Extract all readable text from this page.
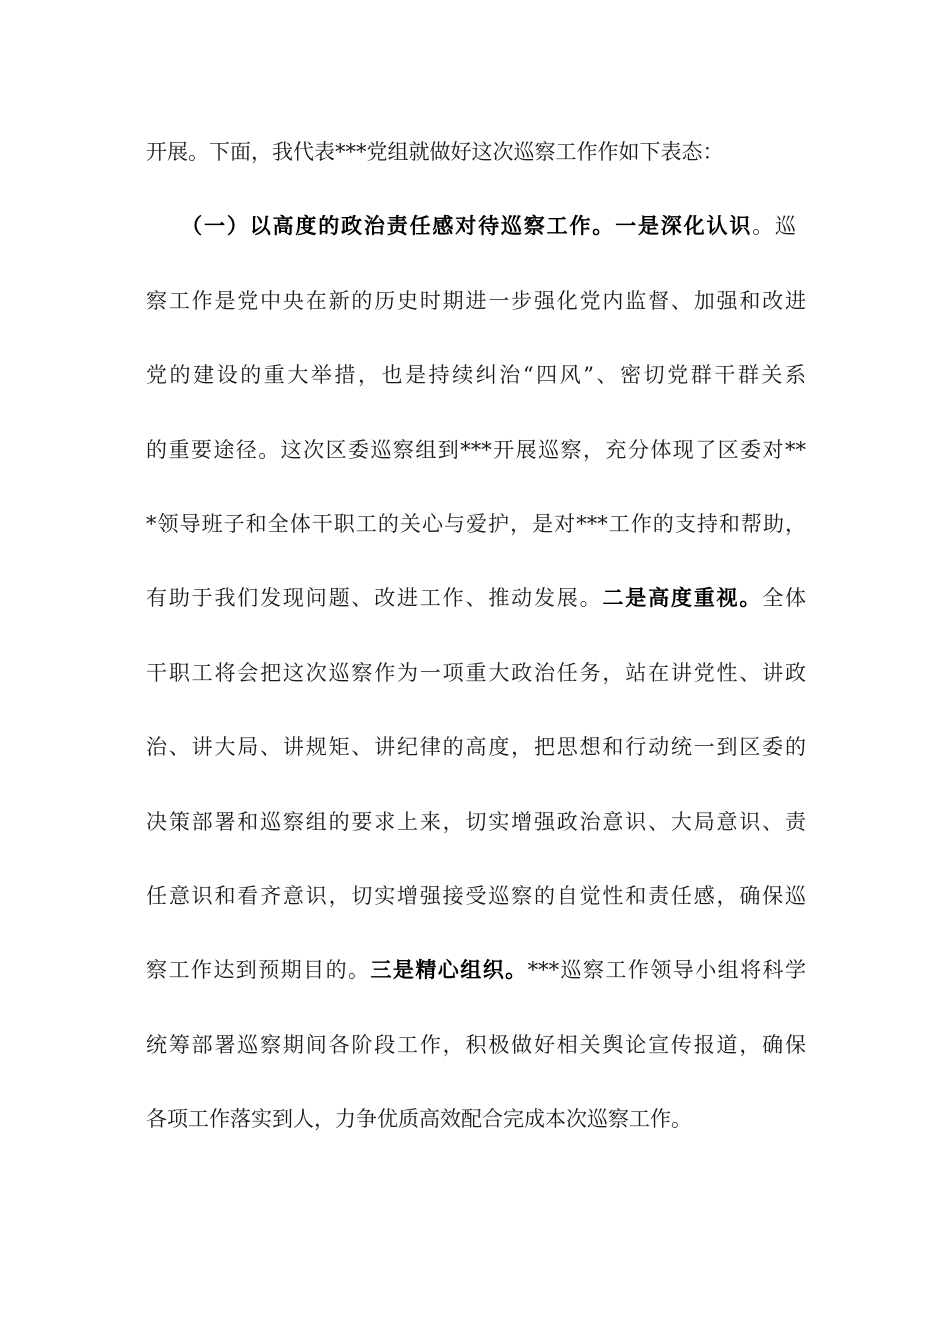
开展。下面，我代表***党组就做好这次巡察工作作如下表态：
　　（一）以高度的政治责任感对待巡察工作。一是深化认识。巡
察工作是党中央在新的历史时期进一步强化党内监督、加强和改进
党的建设的重大举措，也是持续纠治“四风”、密切党群干群关系
的重要途径。这次区委巡察组到***开展巡察，充分体现了区委对**
*领导班子和全体干职工的关心与爱护，是对***工作的支持和帮助，
有助于我们发现问题、改进工作、推动发展。二是高度重视。全体
干职工将会把这次巡察作为一项重大政治任务，站在讲党性、讲政
治、讲大局、讲规矩、讲纪律的高度，把思想和行动统一到区委的
决策部署和巡察组的要求上来，切实增强政治意识、大局意识、责
任意识和看齐意识，切实增强接受巡察的自觉性和责任感，确保巡
察工作达到预期目的。三是精心组织。***巡察工作领导小组将科学
统筹部署巡察期间各阶段工作，积极做好相关舆论宣传报道，确保
各项工作落实到人，力争优质高效配合完成本次巡察工作。
